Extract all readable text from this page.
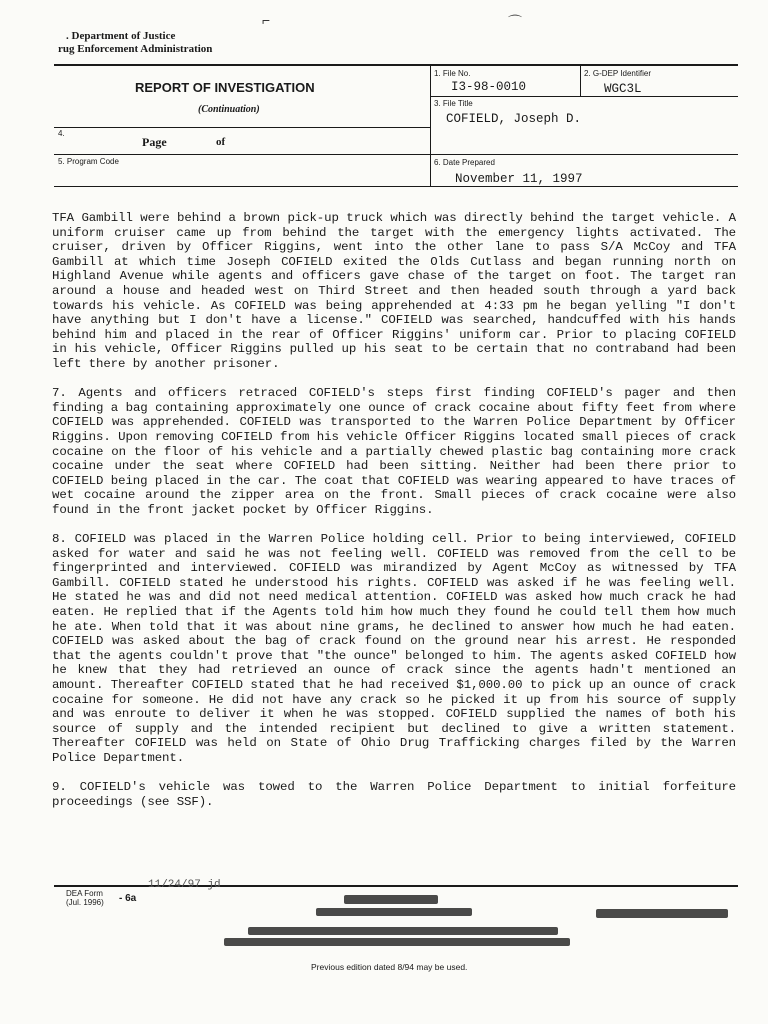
⌐	⌒
. Department of Justice
rug Enforcement Administration
REPORT OF INVESTIGATION
(Continuation)
4.
Page	of
5. Program Code
1. File No.
I3-98-0010
2. G-DEP Identifier
WGC3L
3. File Title
COFIELD, Joseph D.
6. Date Prepared
November 11, 1997

TFA Gambill were behind a brown pick-up truck which was directly behind the target vehicle. A uniform cruiser came up from behind the target with the emergency lights activated. The cruiser, driven by Officer Riggins, went into the other lane to pass S/A McCoy and TFA Gambill at which time Joseph COFIELD exited the Olds Cutlass and began running north on Highland Avenue while agents and officers gave chase of the target on foot. The target ran around a house and headed west on Third Street and then headed south through a yard back towards his vehicle. As COFIELD was being apprehended at 4:33 pm he began yelling "I don't have anything but I don't have a license." COFIELD was searched, handcuffed with his hands behind him and placed in the rear of Officer Riggins' uniform car. Prior to placing COFIELD in his vehicle, Officer Riggins pulled up his seat to be certain that no contraband had been left there by another prisoner.

7. Agents and officers retraced COFIELD's steps first finding COFIELD's pager and then finding a bag containing approximately one ounce of crack cocaine about fifty feet from where COFIELD was apprehended. COFIELD was transported to the Warren Police Department by Officer Riggins. Upon removing COFIELD from his vehicle Officer Riggins located small pieces of crack cocaine on the floor of his vehicle and a partially chewed plastic bag containing more crack cocaine under the seat where COFIELD had been sitting. Neither had been there prior to COFIELD being placed in the car. The coat that COFIELD was wearing appeared to have traces of wet cocaine around the zipper area on the front. Small pieces of crack cocaine were also found in the front jacket pocket by Officer Riggins.

8. COFIELD was placed in the Warren Police holding cell. Prior to being interviewed, COFIELD asked for water and said he was not feeling well. COFIELD was removed from the cell to be fingerprinted and interviewed. COFIELD was mirandized by Agent McCoy as witnessed by TFA Gambill. COFIELD stated he understood his rights. COFIELD was asked if he was feeling well. He stated he was and did not need medical attention. COFIELD was asked how much crack he had eaten. He replied that if the Agents told him how much they found he could tell them how much he ate. When told that it was about nine grams, he declined to answer how much he had eaten. COFIELD was asked about the bag of crack found on the ground near his arrest. He responded that the agents couldn't prove that "the ounce" belonged to him. The agents asked COFIELD how he knew that they had retrieved an ounce of crack since the agents hadn't mentioned an amount. Thereafter COFIELD stated that he had received $1,000.00 to pick up an ounce of crack cocaine for someone. He did not have any crack so he picked it up from his source of supply and was enroute to deliver it when he was stopped. COFIELD supplied the names of both his source of supply and the intended recipient but declined to give a written statement. Thereafter COFIELD was held on State of Ohio Drug Trafficking charges filed by the Warren Police Department.

9. COFIELD's vehicle was towed to the Warren Police Department to initial forfeiture proceedings (see SSF).

11/24/97 jd
DEA Form
(Jul. 1996) - 6a
Previous edition dated 8/94 may be used.
